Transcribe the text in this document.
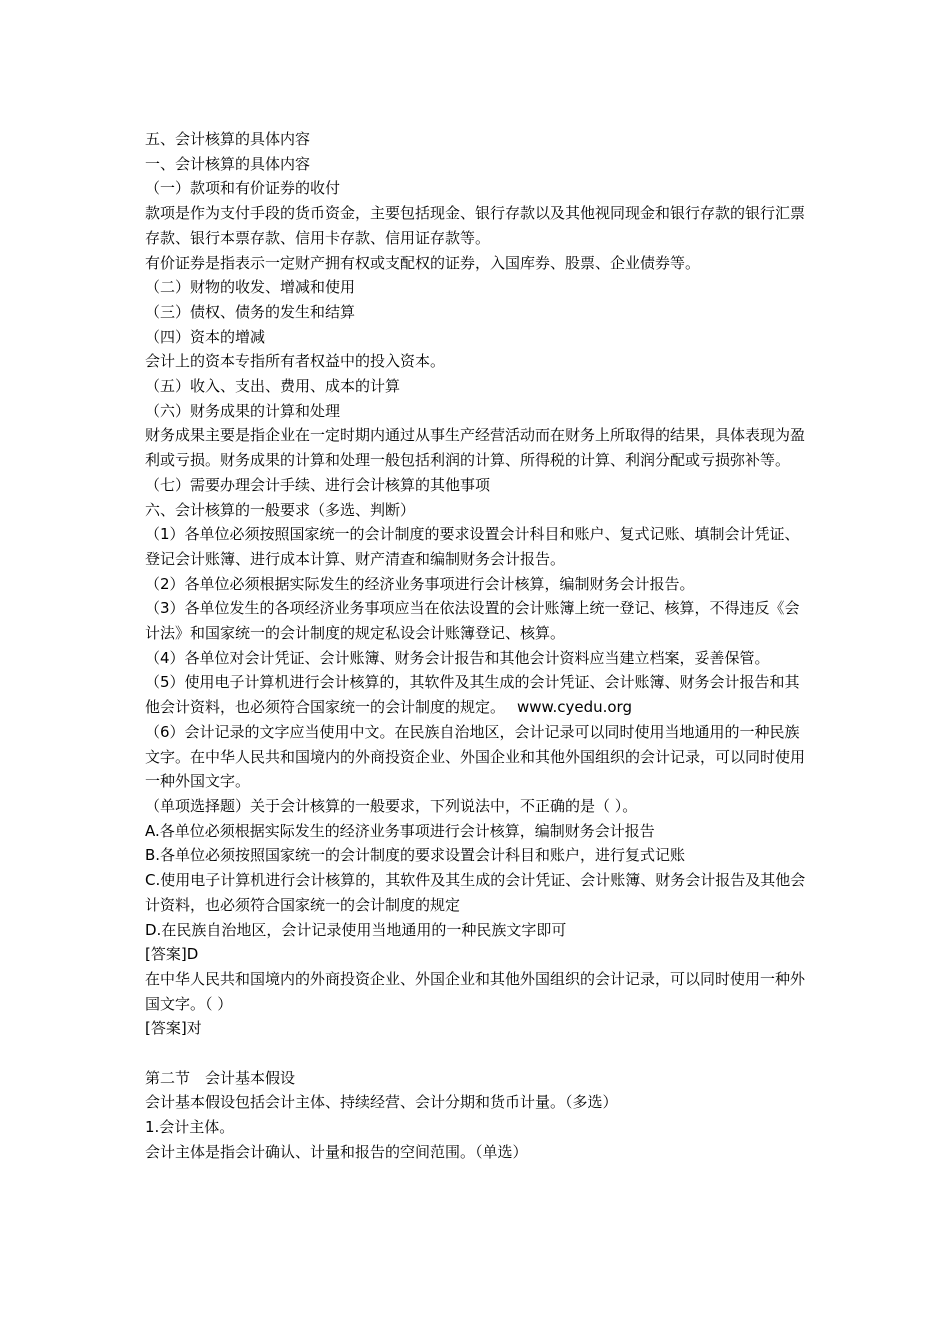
五、会计核算的具体内容

一、会计核算的具体内容

（一）款项和有价证券的收付

款项是作为支付手段的货币资金，主要包括现金、银行存款以及其他视同现金和银行存款的银行汇票存款、银行本票存款、信用卡存款、信用证存款等。

有价证券是指表示一定财产拥有权或支配权的证券，入国库券、股票、企业债券等。

（二）财物的收发、增减和使用

（三）债权、债务的发生和结算

（四）资本的增减

会计上的资本专指所有者权益中的投入资本。

（五）收入、支出、费用、成本的计算

（六）财务成果的计算和处理

财务成果主要是指企业在一定时期内通过从事生产经营活动而在财务上所取得的结果，具体表现为盈利或亏损。财务成果的计算和处理一般包括利润的计算、所得税的计算、利润分配或亏损弥补等。

（七）需要办理会计手续、进行会计核算的其他事项

六、会计核算的一般要求（多选、判断）

（1）各单位必须按照国家统一的会计制度的要求设置会计科目和账户、复式记账、填制会计凭证、登记会计账簿、进行成本计算、财产清查和编制财务会计报告。

（2）各单位必须根据实际发生的经济业务事项进行会计核算，编制财务会计报告。

（3）各单位发生的各项经济业务事项应当在依法设置的会计账簿上统一登记、核算，不得违反《会计法》和国家统一的会计制度的规定私设会计账簿登记、核算。

（4）各单位对会计凭证、会计账簿、财务会计报告和其他会计资料应当建立档案，妥善保管。

（5）使用电子计算机进行会计核算的，其软件及其生成的会计凭证、会计账簿、财务会计报告和其他会计资料，也必须符合国家统一的会计制度的规定。 www.cyedu.org

（6）会计记录的文字应当使用中文。在民族自治地区，会计记录可以同时使用当地通用的一种民族文字。在中华人民共和国境内的外商投资企业、外国企业和其他外国组织的会计记录，可以同时使用一种外国文字。

（单项选择题）关于会计核算的一般要求，下列说法中，不正确的是（ ）。

A.各单位必须根据实际发生的经济业务事项进行会计核算，编制财务会计报告

B.各单位必须按照国家统一的会计制度的要求设置会计科目和账户，进行复式记账

C.使用电子计算机进行会计核算的，其软件及其生成的会计凭证、会计账簿、财务会计报告及其他会计资料，也必须符合国家统一的会计制度的规定

D.在民族自治地区，会计记录使用当地通用的一种民族文字即可

[答案]D

在中华人民共和国境内的外商投资企业、外国企业和其他外国组织的会计记录，可以同时使用一种外国文字。（ ）

[答案]对

第二节　会计基本假设

会计基本假设包括会计主体、持续经营、会计分期和货币计量。（多选）

1.会计主体。

会计主体是指会计确认、计量和报告的空间范围。（单选）
